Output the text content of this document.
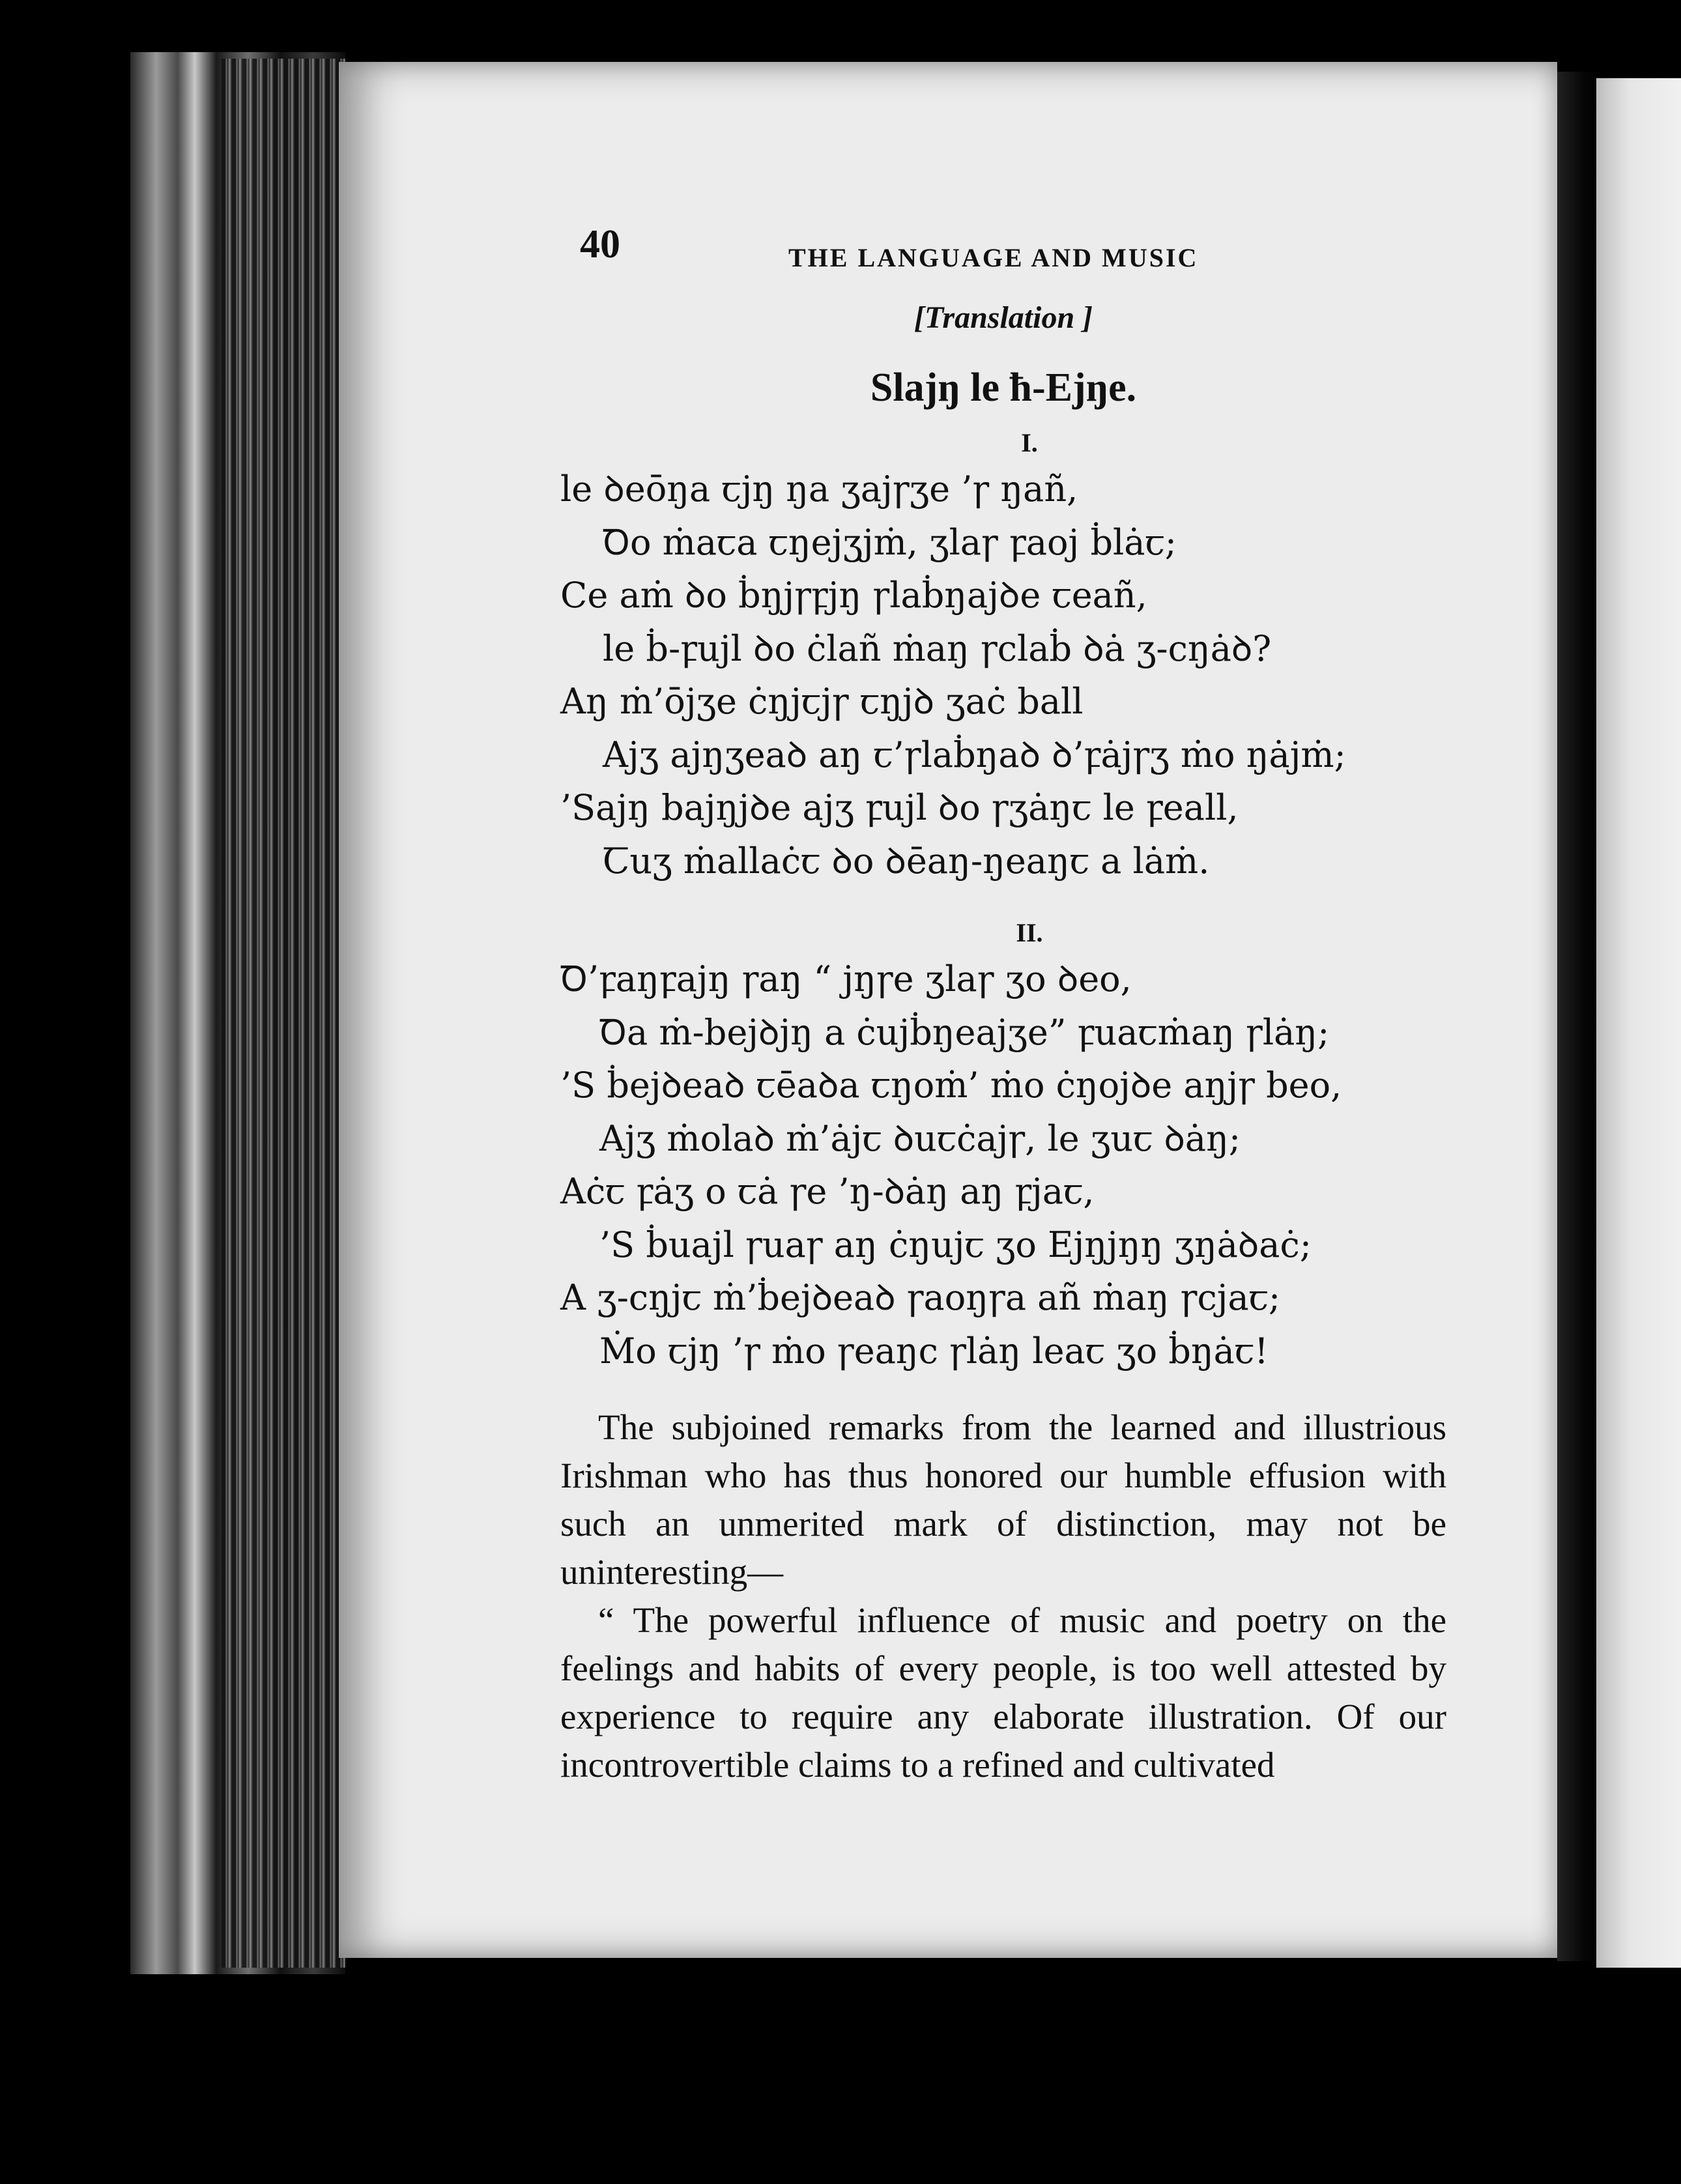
40	THE LANGUAGE AND MUSIC
[Translation ]
Slajŋ le ħ-Ejŋe.
I.
le ꝺeōŋa ꞇjŋ ŋa ʒajꞅʒe ’ꞅ ŋañ,
Ꝺo ṁaꞇa ꞇŋejʒjṁ, ʒlaꞅ ꝼaoj ḃlȧꞇ;
Ce aṁ ꝺo ḃŋjꞅꝼjŋ ꞅlaḃŋajꝺe ꞇeañ,
le ḃ-ꝼujl ꝺo ċlañ ṁaŋ ꞅclaḃ ꝺȧ ʒ-cŋȧꝺ?
Aŋ ṁ’ōjʒe ċŋjꞇjꞅ ꞇŋjꝺ ʒaċ ball
Ajʒ ajŋʒeaꝺ aŋ ꞇ’ꞅlaḃŋaꝺ ꝺ’ꝼȧjꞅʒ ṁo ŋȧjṁ;
’Sajŋ bajŋjꝺe ajʒ ꝼujl ꝺo ꞅʒȧŋꞇ le ꝼeall,
Ꞇuʒ ṁallaċꞇ ꝺo ꝺēaŋ-ŋeaŋꞇ a lȧṁ.
II.
Ꝺ’ꝼaŋꝼajŋ ꞅaŋ “ jŋꞅe ʒlaꞅ ʒo ꝺeo,
Ꝺa ṁ-bejꝺjŋ a ċujḃŋeajʒe” ꝼuaꞇṁaŋ ꞅlȧŋ;
’S ḃejꝺeaꝺ ꞇēaꝺa ꞇŋoṁ’ ṁo ċŋojꝺe aŋjꞅ beo,
Ajʒ ṁolaꝺ ṁ’ȧjꞇ ꝺuꞇċajꞅ, le ʒuꞇ ꝺȧŋ;
Aċꞇ ꝼȧʒ o ꞇȧ ꞅe ’ŋ-ꝺȧŋ aŋ ꝼjaꞇ,
’S ḃuajl ꞅuaꞅ aŋ ċŋujꞇ ʒo Ejŋjŋŋ ʒŋȧꝺaċ;
A ʒ-cŋjꞇ ṁ’ḃejꝺeaꝺ ꞅaoŋꞅa añ ṁaŋ ꞅcjaꞇ;
Ṁo ꞇjŋ ’ꞅ ṁo ꞅeaŋc ꞅlȧŋ leaꞇ ʒo ḃŋȧꞇ!

The subjoined remarks from the learned and illustrious Irishman who has thus honored our humble effusion with such an unmerited mark of distinction, may not be uninteresting—

“ The powerful influence of music and poetry on the feelings and habits of every people, is too well attested by experience to require any elaborate illustration. Of our incontrovertible claims to a refined and cultivated
